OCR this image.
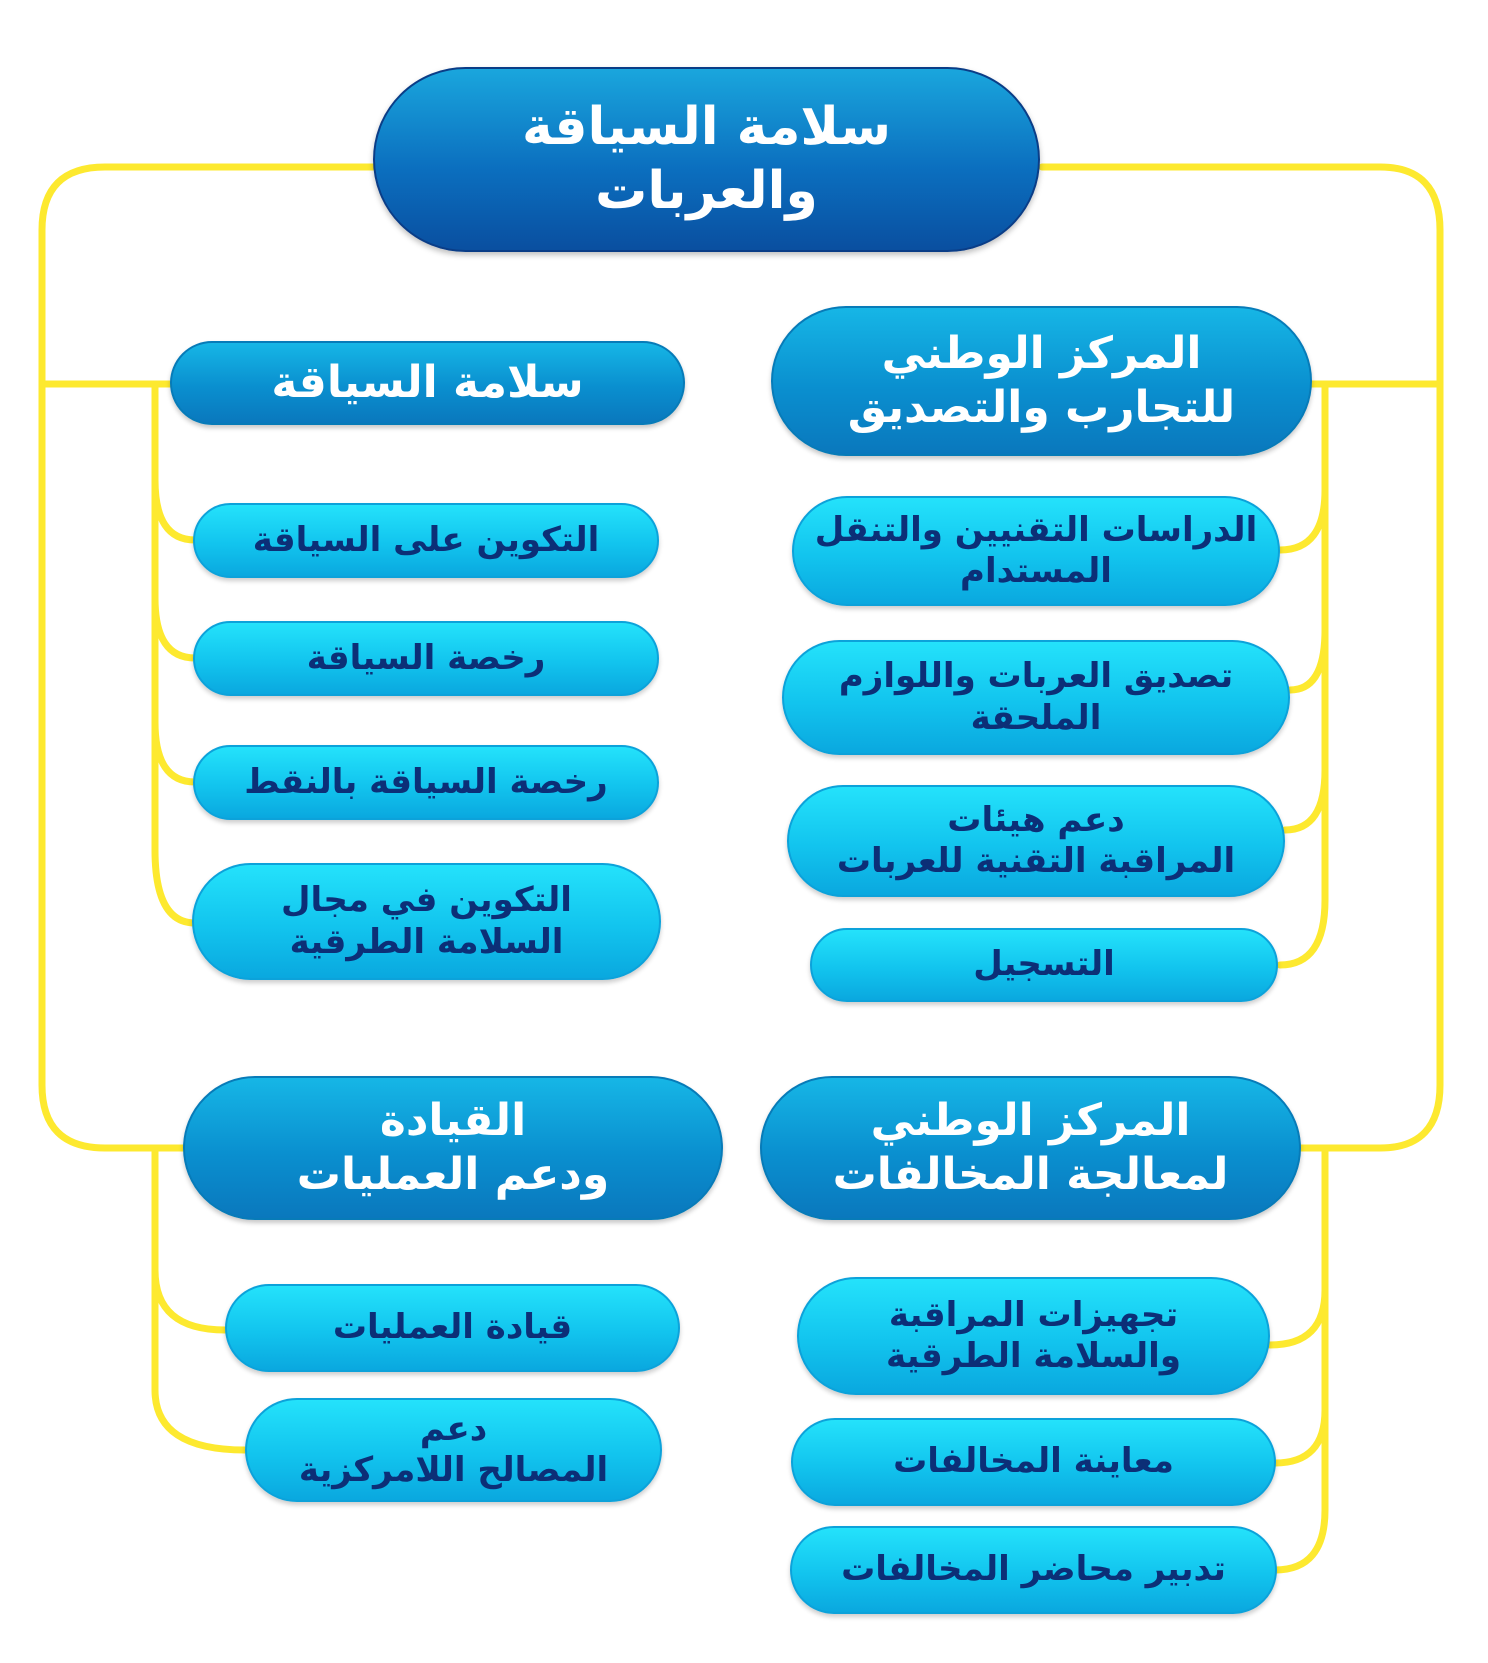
سلامة السياقة
والعربات
المركز الوطني
للتجارب والتصديق
الدراسات التقنيين والتنقل
المستدام
تصديق العربات واللوازم
الملحقة
دعم هيئات
المراقبة التقنية للعربات
التسجيل
سلامة السياقة
التكوين على السياقة
رخصة السياقة
رخصة السياقة بالنقط
التكوين في مجال
السلامة الطرقية
المركز الوطني
لمعالجة المخالفات
تجهيزات المراقبة
والسلامة الطرقية
معاينة المخالفات
تدبير محاضر المخالفات
القيادة
ودعم العمليات
قيادة العمليات
دعم
المصالح اللامركزية
